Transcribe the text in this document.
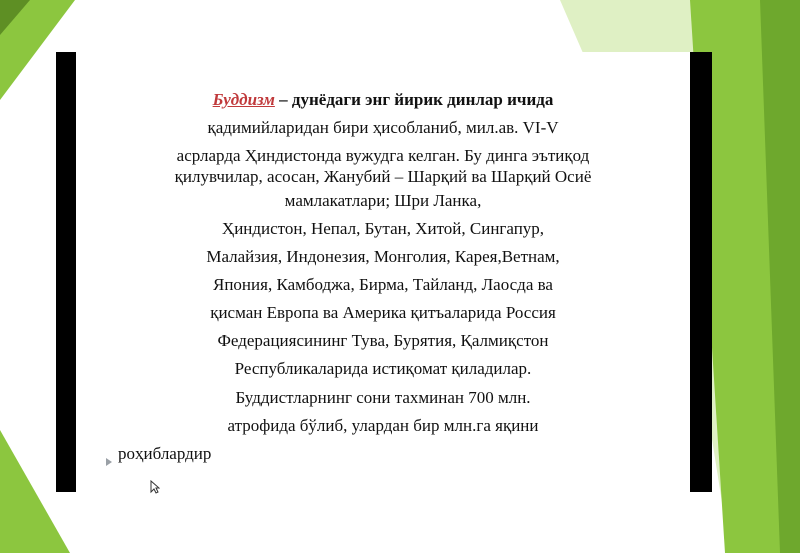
Буддизм – дунёдаги энг йирик динлар ичида
қадимийларидан бири ҳисобланиб, мил.ав. VI-V
асрларда Ҳиндистонда вужудга келган. Бу динга эътиқод
қилувчилар, асосан, Жанубий – Шарқий ва Шарқий Осиё
мамлакатлари; Шри Ланка,
Ҳиндистон, Непал, Бутан, Хитой, Сингапур,
Малайзия, Индонезия, Монголия, Карея,Ветнам,
Япония, Камбоджа, Бирма, Тайланд, Лаосда ва
қисман Европа ва Америка қитъаларида Россия
Федерациясининг Тува, Бурятия, Қалмиқстон
Республикаларида истиқомат қиладилар.
Буддистларнинг сони тахминан 700 млн.
атрофида бўлиб, улардан бир млн.га яқини
роҳиблардир
